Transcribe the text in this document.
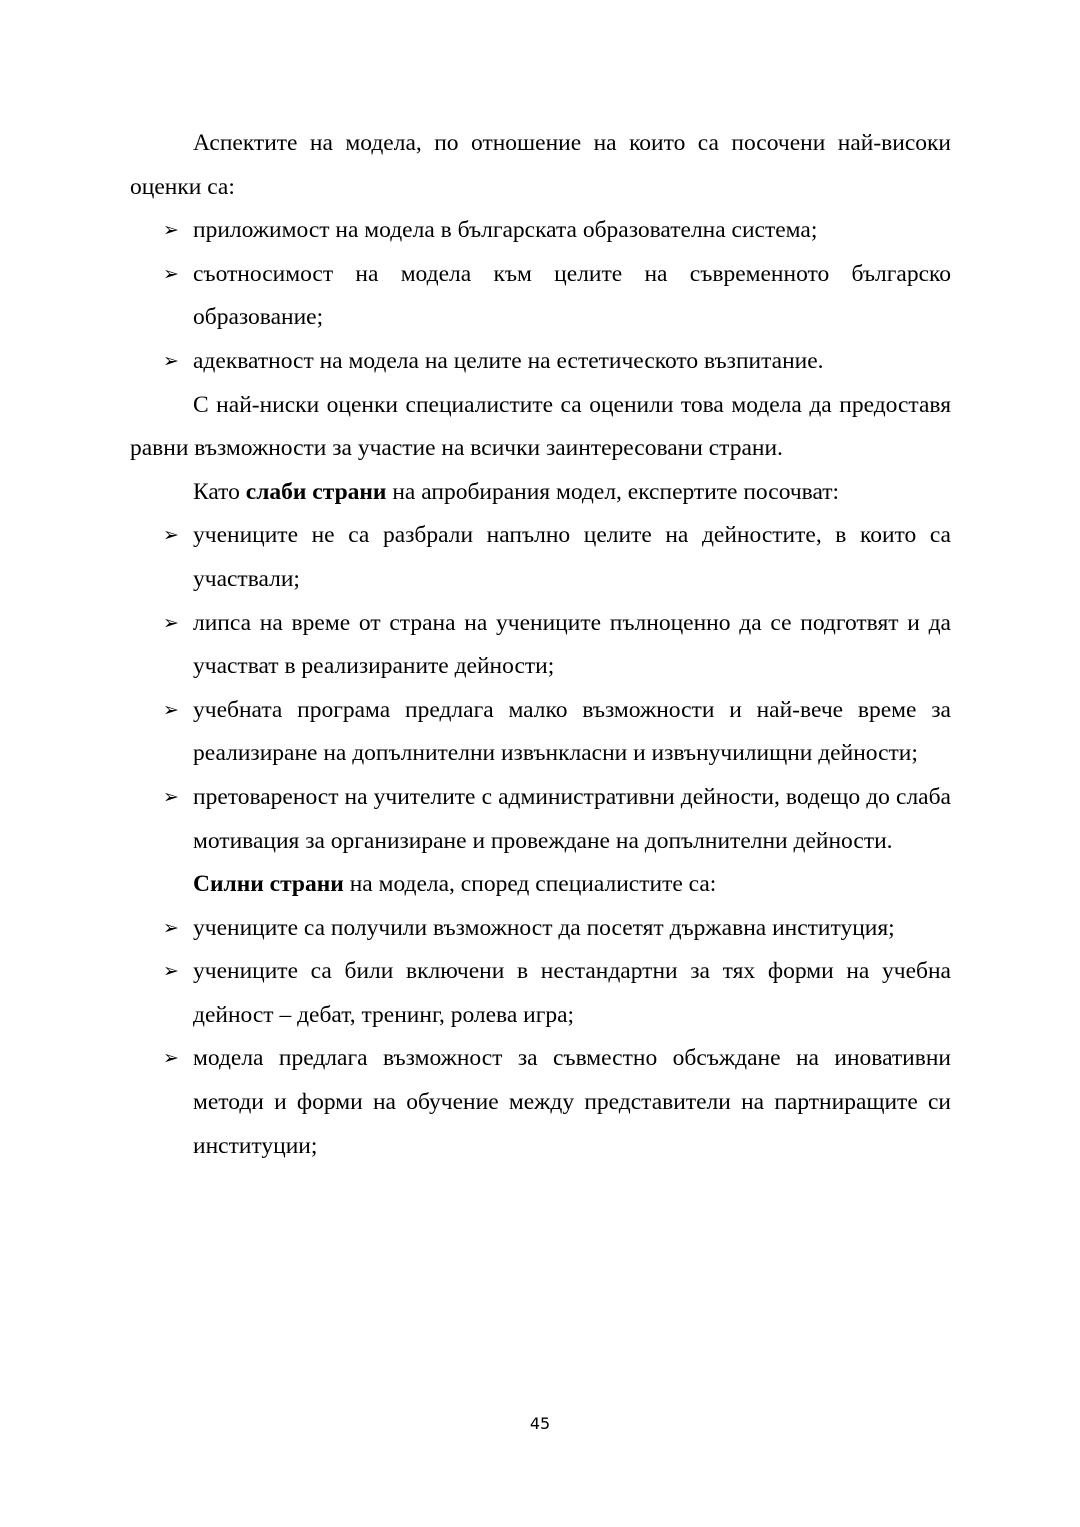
Аспектите на модела, по отношение на които са посочени най-високи оценки са:

➢ приложимост на модела в българската образователна система;
➢ съотносимост на модела към целите на съвременното българско образование;
➢ адекватност на модела на целите на естетическото възпитание.

С най-ниски оценки специалистите са оценили това модела да предоставя равни възможности за участие на всички заинтересовани страни.

Като слаби страни на апробирания модел, експертите посочват:

➢ учениците не са разбрали напълно целите на дейностите, в които са участвали;
➢ липса на време от страна на учениците пълноценно да се подготвят и да участват в реализираните дейности;
➢ учебната програма предлага малко възможности и най-вече време за реализиране на допълнителни извънкласни и извънучилищни дейности;
➢ претовареност на учителите с административни дейности, водещо до слаба мотивация за организиране и провеждане на допълнителни дейности.

Силни страни на модела, според специалистите са:

➢ учениците са получили възможност да посетят държавна институция;
➢ учениците са били включени в нестандартни за тях форми на учебна дейност – дебат, тренинг, ролева игра;
➢ модела предлага възможност за съвместно обсъждане на иновативни методи и форми на обучение между представители на партниращите си институции;
45
